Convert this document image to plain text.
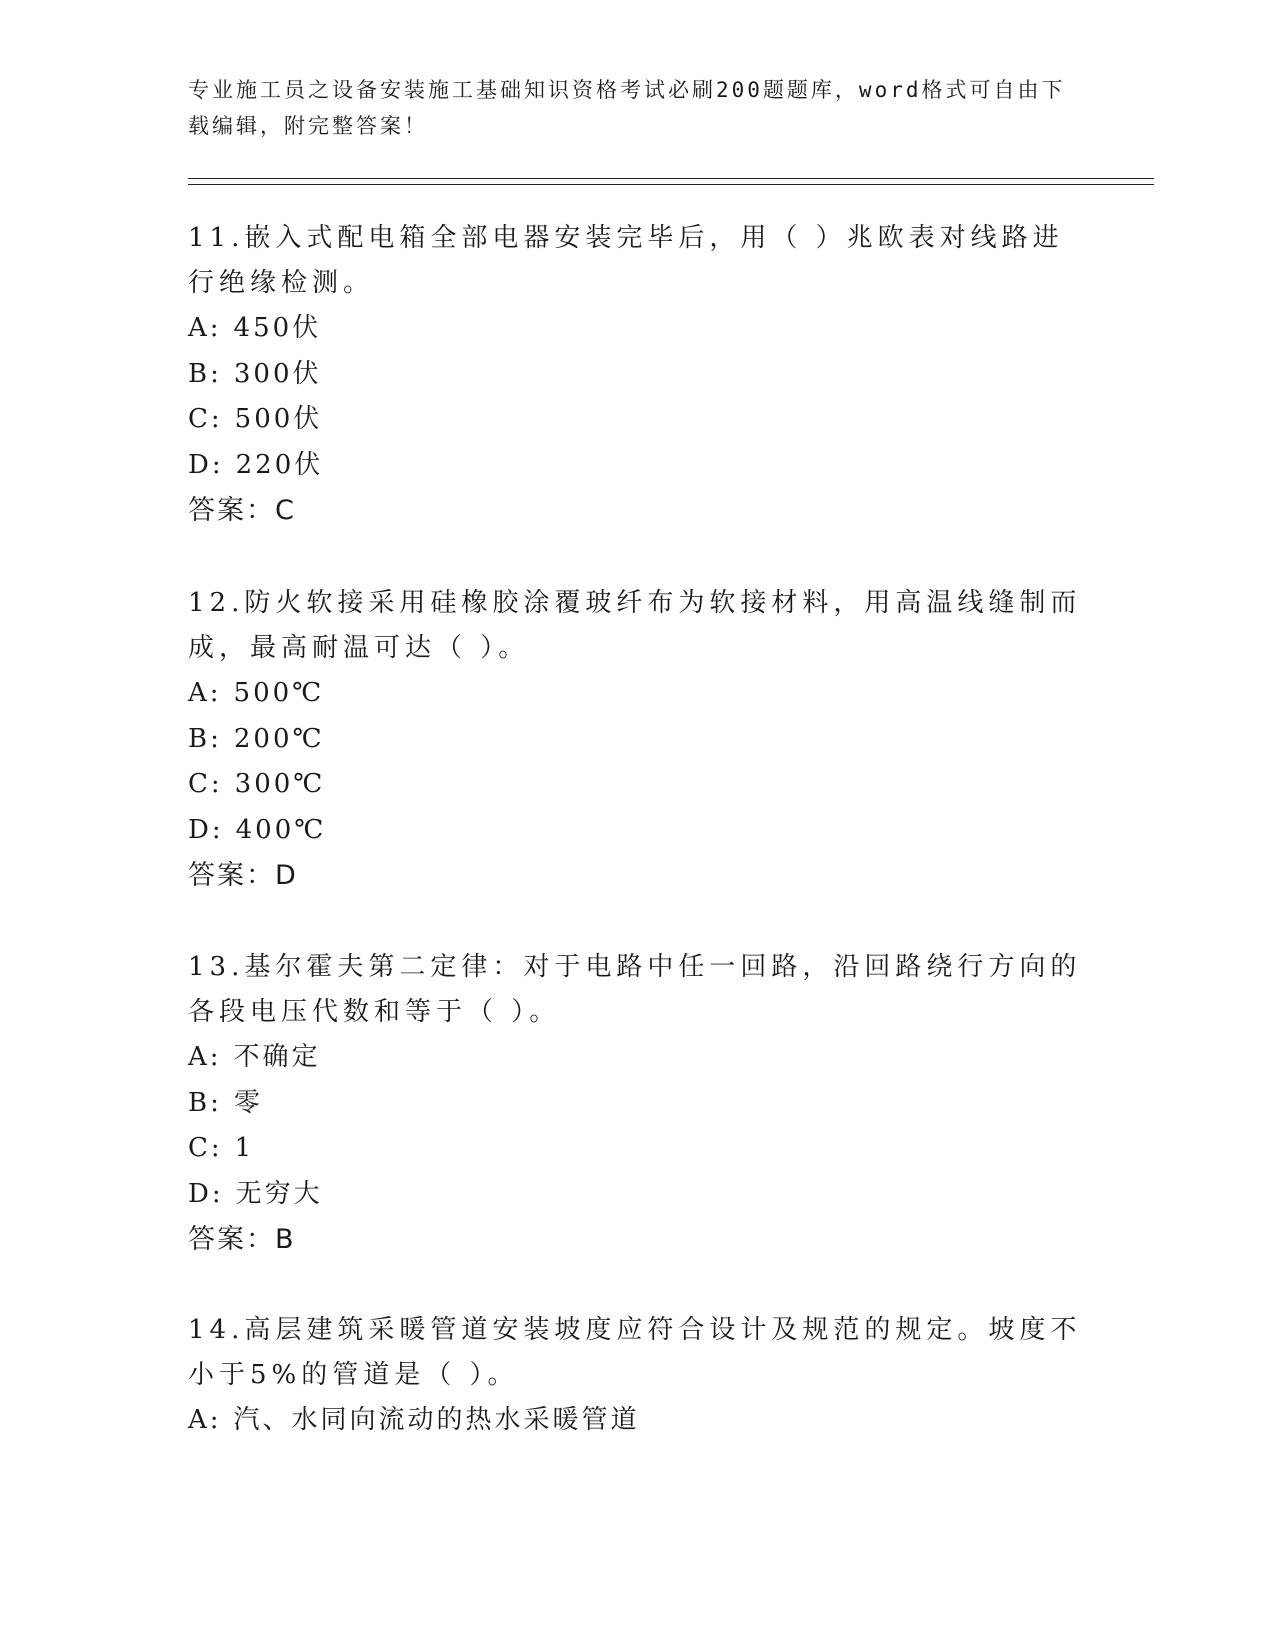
专业施工员之设备安装施工基础知识资格考试必刷200题题库，word格式可自由下载编辑，附完整答案！
11.嵌入式配电箱全部电器安装完毕后，用（ ）兆欧表对线路进行绝缘检测。
A: 450伏
B: 300伏
C: 500伏
D: 220伏
答案：C
12.防火软接采用硅橡胶涂覆玻纤布为软接材料，用高温线缝制而成，最高耐温可达（ ）。
A: 500℃
B: 200℃
C: 300℃
D: 400℃
答案：D
13.基尔霍夫第二定律：对于电路中任一回路，沿回路绕行方向的各段电压代数和等于（ ）。
A: 不确定
B: 零
C: 1
D: 无穷大
答案：B
14.高层建筑采暖管道安装坡度应符合设计及规范的规定。坡度不小于5%的管道是（ ）。
A: 汽、水同向流动的热水采暖管道
